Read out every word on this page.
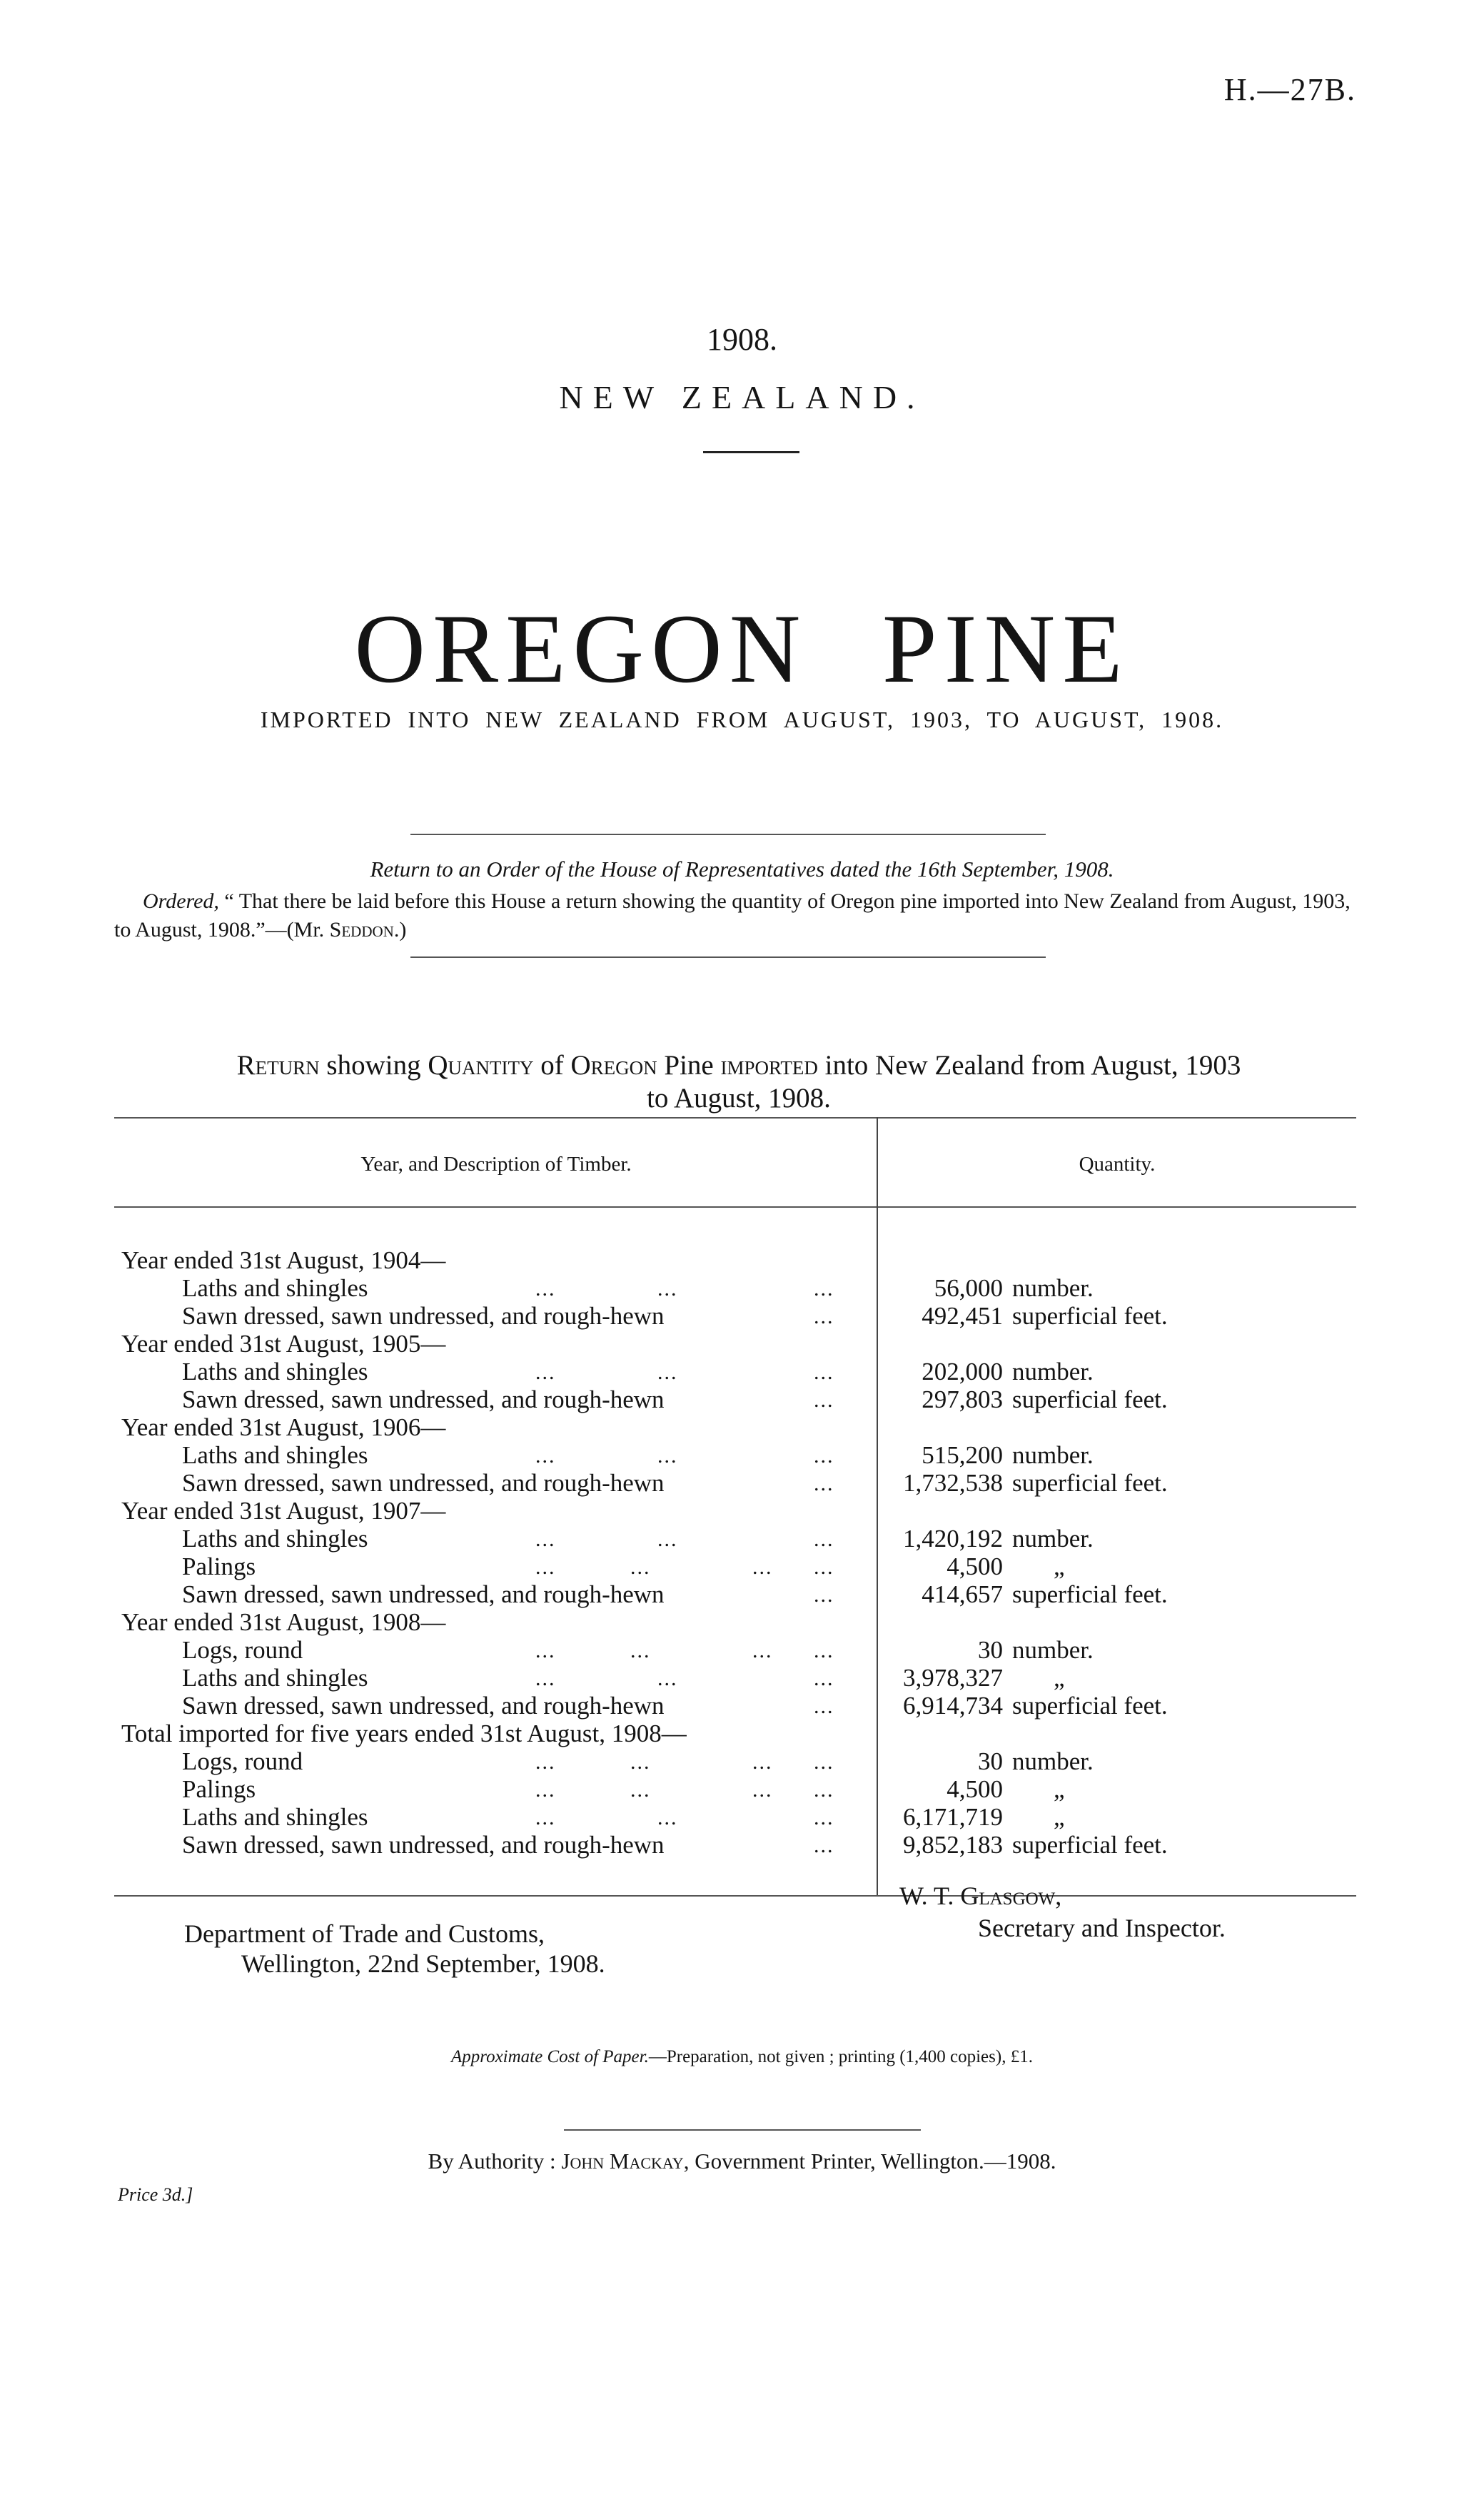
H.—27B.
1908.
NEW ZEALAND.
OREGON PINE
IMPORTED INTO NEW ZEALAND FROM AUGUST, 1903, TO AUGUST, 1908.
Return to an Order of the House of Representatives dated the 16th September, 1908.
Ordered, “ That there be laid before this House a return showing the quantity of Oregon pine imported into New Zealand from August, 1903, to August, 1908.”—(Mr. Seddon.)
Return showing Quantity of Oregon Pine imported into New Zealand from August, 1903
to August, 1908.
Year, and Description of Timber.	Quantity.
Year ended 31st August, 1904—
Laths and shingles	...               ...	...	56,000 number.
Sawn dressed, sawn undressed, and rough-hewn	...	492,451 superficial feet.
Year ended 31st August, 1905—
Laths and shingles	...               ...	...	202,000 number.
Sawn dressed, sawn undressed, and rough-hewn	...	297,803 superficial feet.
Year ended 31st August, 1906—
Laths and shingles	...               ...	...	515,200 number.
Sawn dressed, sawn undressed, and rough-hewn	...	1,732,538 superficial feet.
Year ended 31st August, 1907—
Laths and shingles	...               ...	...	1,420,192 number.
Palings	...           ...               ... ...	4,500 „
Sawn dressed, sawn undressed, and rough-hewn	...	414,657 superficial feet.
Year ended 31st August, 1908—
Logs, round	...           ...               ... ...	30 number.
Laths and shingles	...               ...	...	3,978,327 „
Sawn dressed, sawn undressed, and rough-hewn	...	6,914,734 superficial feet.
Total imported for five years ended 31st August, 1908—
Logs, round	...           ...               ... ...	30 number.
Palings	...           ...               ... ...	4,500 „
Laths and shingles	...               ...	...	6,171,719 „
Sawn dressed, sawn undressed, and rough-hewn	...	9,852,183 superficial feet.
W. T. Glasgow,
Secretary and Inspector.
Department of Trade and Customs,
Wellington, 22nd September, 1908.
Approximate Cost of Paper.—Preparation, not given ; printing (1,400 copies), £1.
By Authority : John Mackay, Government Printer, Wellington.—1908.
Price 3d.]
